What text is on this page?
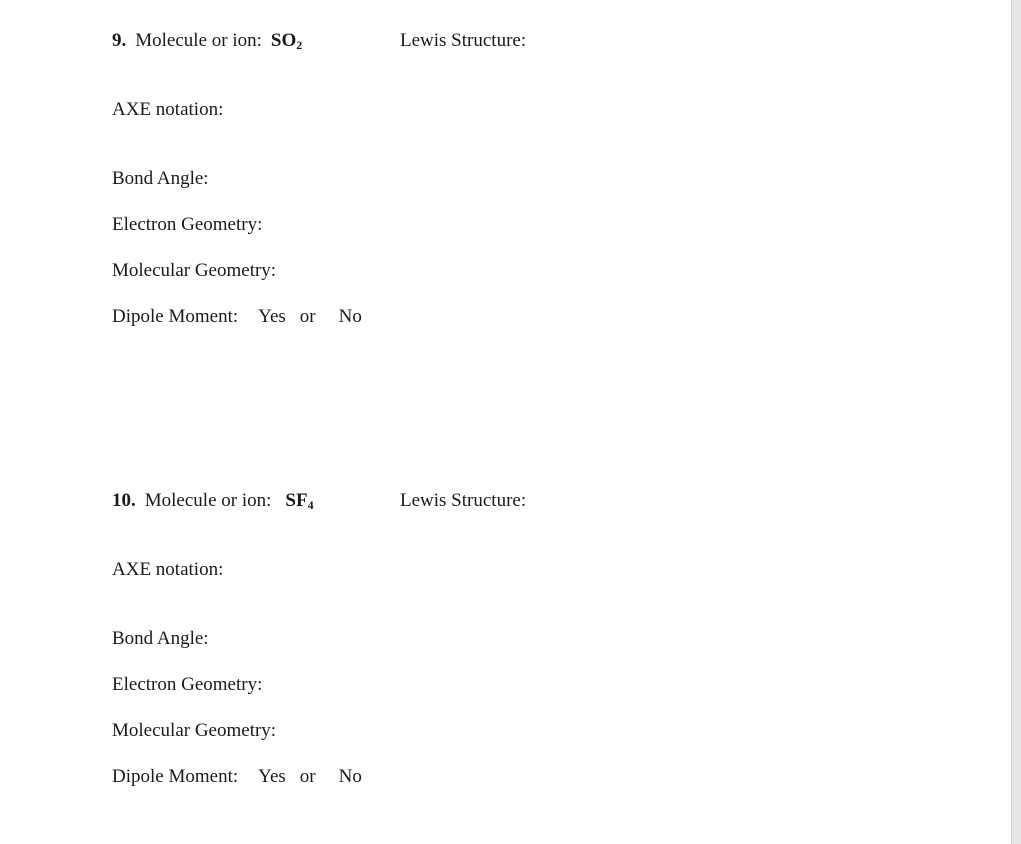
9. Molecule or ion: $SO_2$	Lewis Structure:
AXE notation:
Bond Angle:
Electron Geometry:
Molecular Geometry:
Dipole Moment: Yes or No
10. Molecule or ion: $SF_4$	Lewis Structure:
AXE notation:
Bond Angle:
Electron Geometry:
Molecular Geometry:
Dipole Moment: Yes or No
